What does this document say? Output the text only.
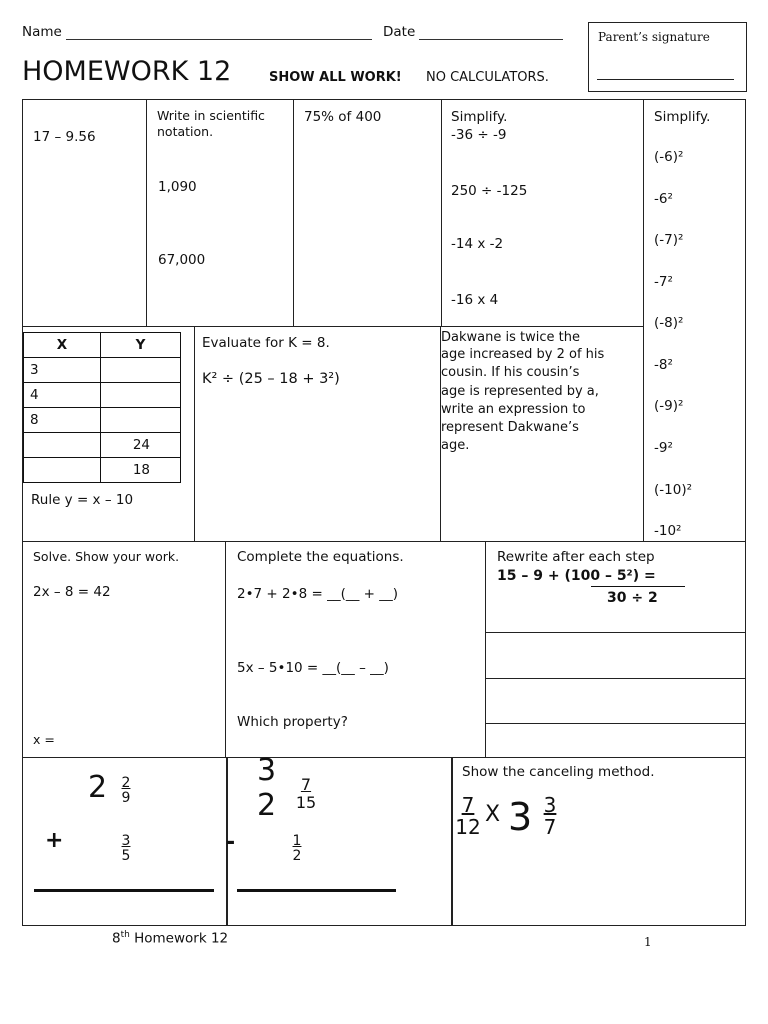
Name	Date
HOMEWORK 12	SHOW ALL WORK! NO CALCULATORS.
Parent’s signature
17 – 9.56
Write in scientific
notation.
1,090
67,000
75% of 400	Simplify.
-36 ÷ -9
250 ÷ -125
-14 x -2
-16 x 4
Simplify.
(-6)²
-6²
(-7)²
-7²
(-8)²
-8²
(-9)²
-9²
(-10)²
-10²
X	Y
3	
4	
8	
	24
	18
Rule y = x – 10
Evaluate for K = 8.
K² ÷ (25 – 18 + 3²)
Dakwane is twice the
age increased by 2 of his
cousin. If his cousin’s
age is represented by a,
write an expression to
represent Dakwane’s
age.
Solve. Show your work.
2x – 8 = 42
x =
Complete the equations.
2•7 + 2•8 = __(__ + __)
5x – 5•10 = __(__ – __)
Which property?
Rewrite after each step
15 – 9 + (100 – 5²) =
30 ÷ 2
$2 \frac{2}{9}$
+	$\frac{3}{5}$
3
$2 \frac{7}{15}$
-	$\frac{1}{2}$
Show the canceling method.
$\frac{7}{12}$ X $3 \frac{3}{7}$
8th Homework 12	1
